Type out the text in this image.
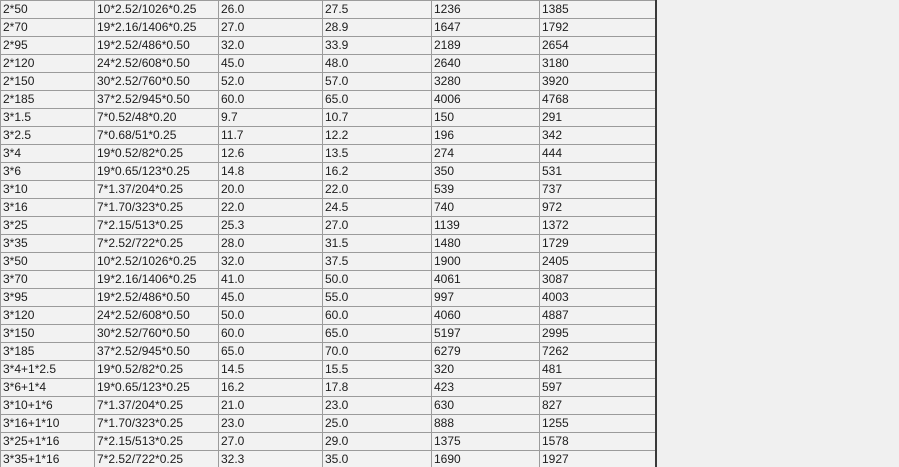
2*50	10*2.52/1026*0.25	26.0	27.5	1236	1385
2*70	19*2.16/1406*0.25	27.0	28.9	1647	1792
2*95	19*2.52/486*0.50	32.0	33.9	2189	2654
2*120	24*2.52/608*0.50	45.0	48.0	2640	3180
2*150	30*2.52/760*0.50	52.0	57.0	3280	3920
2*185	37*2.52/945*0.50	60.0	65.0	4006	4768
3*1.5	7*0.52/48*0.20	9.7	10.7	150	291
3*2.5	7*0.68/51*0.25	11.7	12.2	196	342
3*4	19*0.52/82*0.25	12.6	13.5	274	444
3*6	19*0.65/123*0.25	14.8	16.2	350	531
3*10	7*1.37/204*0.25	20.0	22.0	539	737
3*16	7*1.70/323*0.25	22.0	24.5	740	972
3*25	7*2.15/513*0.25	25.3	27.0	1139	1372
3*35	7*2.52/722*0.25	28.0	31.5	1480	1729
3*50	10*2.52/1026*0.25	32.0	37.5	1900	2405
3*70	19*2.16/1406*0.25	41.0	50.0	4061	3087
3*95	19*2.52/486*0.50	45.0	55.0	997	4003
3*120	24*2.52/608*0.50	50.0	60.0	4060	4887
3*150	30*2.52/760*0.50	60.0	65.0	5197	2995
3*185	37*2.52/945*0.50	65.0	70.0	6279	7262
3*4+1*2.5	19*0.52/82*0.25	14.5	15.5	320	481
3*6+1*4	19*0.65/123*0.25	16.2	17.8	423	597
3*10+1*6	7*1.37/204*0.25	21.0	23.0	630	827
3*16+1*10	7*1.70/323*0.25	23.0	25.0	888	1255
3*25+1*16	7*2.15/513*0.25	27.0	29.0	1375	1578
3*35+1*16	7*2.52/722*0.25	32.3	35.0	1690	1927
